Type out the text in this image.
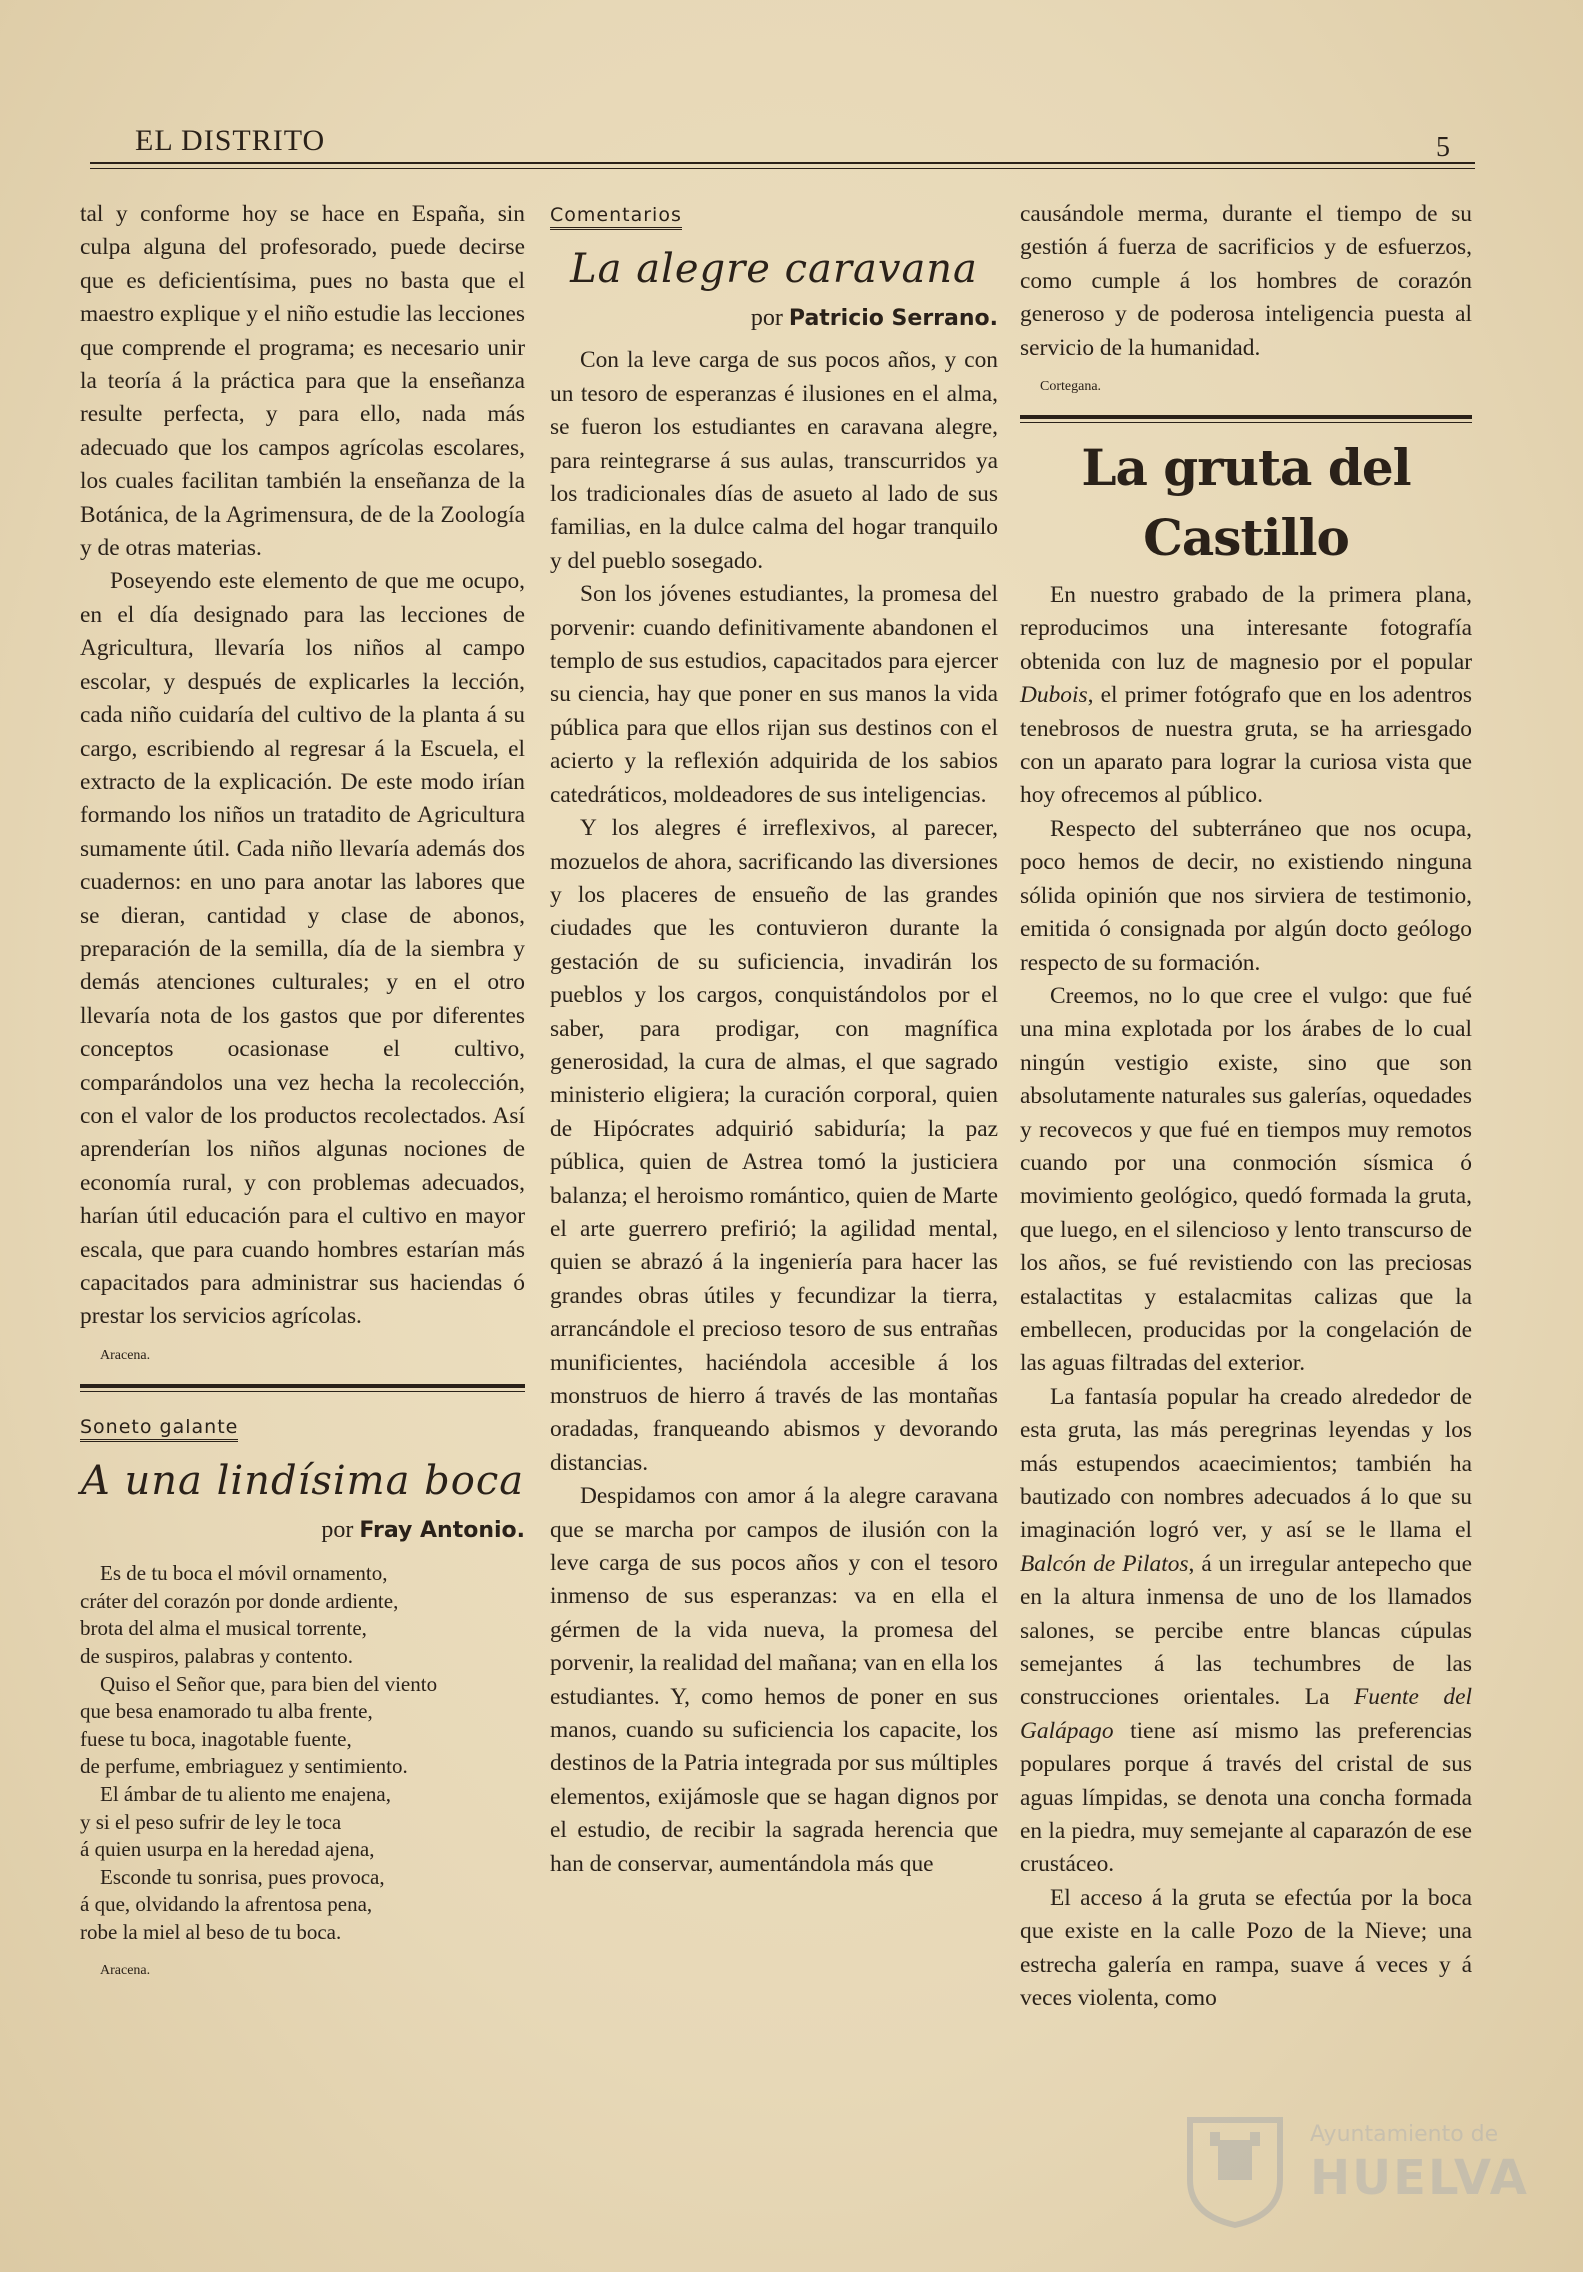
EL DISTRITO	5

tal y conforme hoy se hace en España, sin culpa alguna del profesorado, puede decirse que es deficientísima, pues no basta que el maestro explique y el niño estudie las lecciones que comprende el programa; es necesario unir la teoría á la práctica para que la enseñanza resulte perfecta, y para ello, nada más adecuado que los campos agrícolas escolares, los cuales facilitan también la enseñanza de la Botánica, de la Agrimensura, de de la Zoología y de otras materias.

Poseyendo este elemento de que me ocupo, en el día designado para las lecciones de Agricultura, llevaría los niños al campo escolar, y después de explicarles la lección, cada niño cuidaría del cultivo de la planta á su cargo, escribiendo al regresar á la Escuela, el extracto de la explicación. De este modo irían formando los niños un tratadito de Agricultura sumamente útil. Cada niño llevaría además dos cuadernos: en uno para anotar las labores que se dieran, cantidad y clase de abonos, preparación de la semilla, día de la siembra y demás atenciones culturales; y en el otro llevaría nota de los gastos que por diferentes conceptos ocasionase el cultivo, comparándolos una vez hecha la recolección, con el valor de los productos recolectados. Así aprenderían los niños algunas nociones de economía rural, y con problemas adecuados, harían útil educación para el cultivo en mayor escala, que para cuando hombres estarían más capacitados para administrar sus haciendas ó prestar los servicios agrícolas.

Aracena.
Soneto galante
A una lindísima boca
por Fray Antonio.
Es de tu boca el móvil ornamento,
cráter del corazón por donde ardiente,
brota del alma el musical torrente,
de suspiros, palabras y contento.
Quiso el Señor que, para bien del viento
que besa enamorado tu alba frente,
fuese tu boca, inagotable fuente,
de perfume, embriaguez y sentimiento.
El ámbar de tu aliento me enajena,
y si el peso sufrir de ley le toca
á quien usurpa en la heredad ajena,
Esconde tu sonrisa, pues provoca,
á que, olvidando la afrentosa pena,
robe la miel al beso de tu boca.
Aracena.
Comentarios
La alegre caravana
por Patricio Serrano.

Con la leve carga de sus pocos años, y con un tesoro de esperanzas é ilusiones en el alma, se fueron los estudiantes en caravana alegre, para reintegrarse á sus aulas, transcurridos ya los tradicionales días de asueto al lado de sus familias, en la dulce calma del hogar tranquilo y del pueblo sosegado.

Son los jóvenes estudiantes, la promesa del porvenir: cuando definitivamente abandonen el templo de sus estudios, capacitados para ejercer su ciencia, hay que poner en sus manos la vida pública para que ellos rijan sus destinos con el acierto y la reflexión adquirida de los sabios catedráticos, moldeadores de sus inteligencias.

Y los alegres é irreflexivos, al parecer, mozuelos de ahora, sacrificando las diversiones y los placeres de ensueño de las grandes ciudades que les contuvieron durante la gestación de su suficiencia, invadirán los pueblos y los cargos, conquistándolos por el saber, para prodigar, con magnífica generosidad, la cura de almas, el que sagrado ministerio eligiera; la curación corporal, quien de Hipócrates adquirió sabiduría; la paz pública, quien de Astrea tomó la justiciera balanza; el heroismo romántico, quien de Marte el arte guerrero prefirió; la agilidad mental, quien se abrazó á la ingeniería para hacer las grandes obras útiles y fecundizar la tierra, arrancándole el precioso tesoro de sus entrañas munificientes, haciéndola accesible á los monstruos de hierro á través de las montañas oradadas, franqueando abismos y devorando distancias.

Despidamos con amor á la alegre caravana que se marcha por campos de ilusión con la leve carga de sus pocos años y con el tesoro inmenso de sus esperanzas: va en ella el gérmen de la vida nueva, la promesa del porvenir, la realidad del mañana; van en ella los estudiantes. Y, como hemos de poner en sus manos, cuando su suficiencia los capacite, los destinos de la Patria integrada por sus múltiples elementos, exijámosle que se hagan dignos por el estudio, de recibir la sagrada herencia que han de conservar, aumentándola más que

causándole merma, durante el tiempo de su gestión á fuerza de sacrificios y de esfuerzos, como cumple á los hombres de corazón generoso y de poderosa inteligencia puesta al servicio de la humanidad.

Cortegana.
La gruta del Castillo

En nuestro grabado de la primera plana, reproducimos una interesante fotografía obtenida con luz de magnesio por el popular Dubois, el primer fotógrafo que en los adentros tenebrosos de nuestra gruta, se ha arriesgado con un aparato para lograr la curiosa vista que hoy ofrecemos al público.

Respecto del subterráneo que nos ocupa, poco hemos de decir, no existiendo ninguna sólida opinión que nos sirviera de testimonio, emitida ó consignada por algún docto geólogo respecto de su formación.

Creemos, no lo que cree el vulgo: que fué una mina explotada por los árabes de lo cual ningún vestigio existe, sino que son absolutamente naturales sus galerías, oquedades y recovecos y que fué en tiempos muy remotos cuando por una conmoción sísmica ó movimiento geológico, quedó formada la gruta, que luego, en el silencioso y lento transcurso de los años, se fué revistiendo con las preciosas estalactitas y estalacmitas calizas que la embellecen, producidas por la congelación de las aguas filtradas del exterior.

La fantasía popular ha creado alrededor de esta gruta, las más peregrinas leyendas y los más estupendos acaecimientos; también ha bautizado con nombres adecuados á lo que su imaginación logró ver, y así se le llama el Balcón de Pilatos, á un irregular antepecho que en la altura inmensa de uno de los llamados salones, se percibe entre blancas cúpulas semejantes á las techumbres de las construcciones orientales. La Fuente del Galápago tiene así mismo las preferencias populares porque á través del cristal de sus aguas límpidas, se denota una concha formada en la piedra, muy semejante al caparazón de ese crustáceo.

El acceso á la gruta se efectúa por la boca que existe en la calle Pozo de la Nieve; una estrecha galería en rampa, suave á veces y á veces violenta, como

Ayuntamiento de
HUELVA
